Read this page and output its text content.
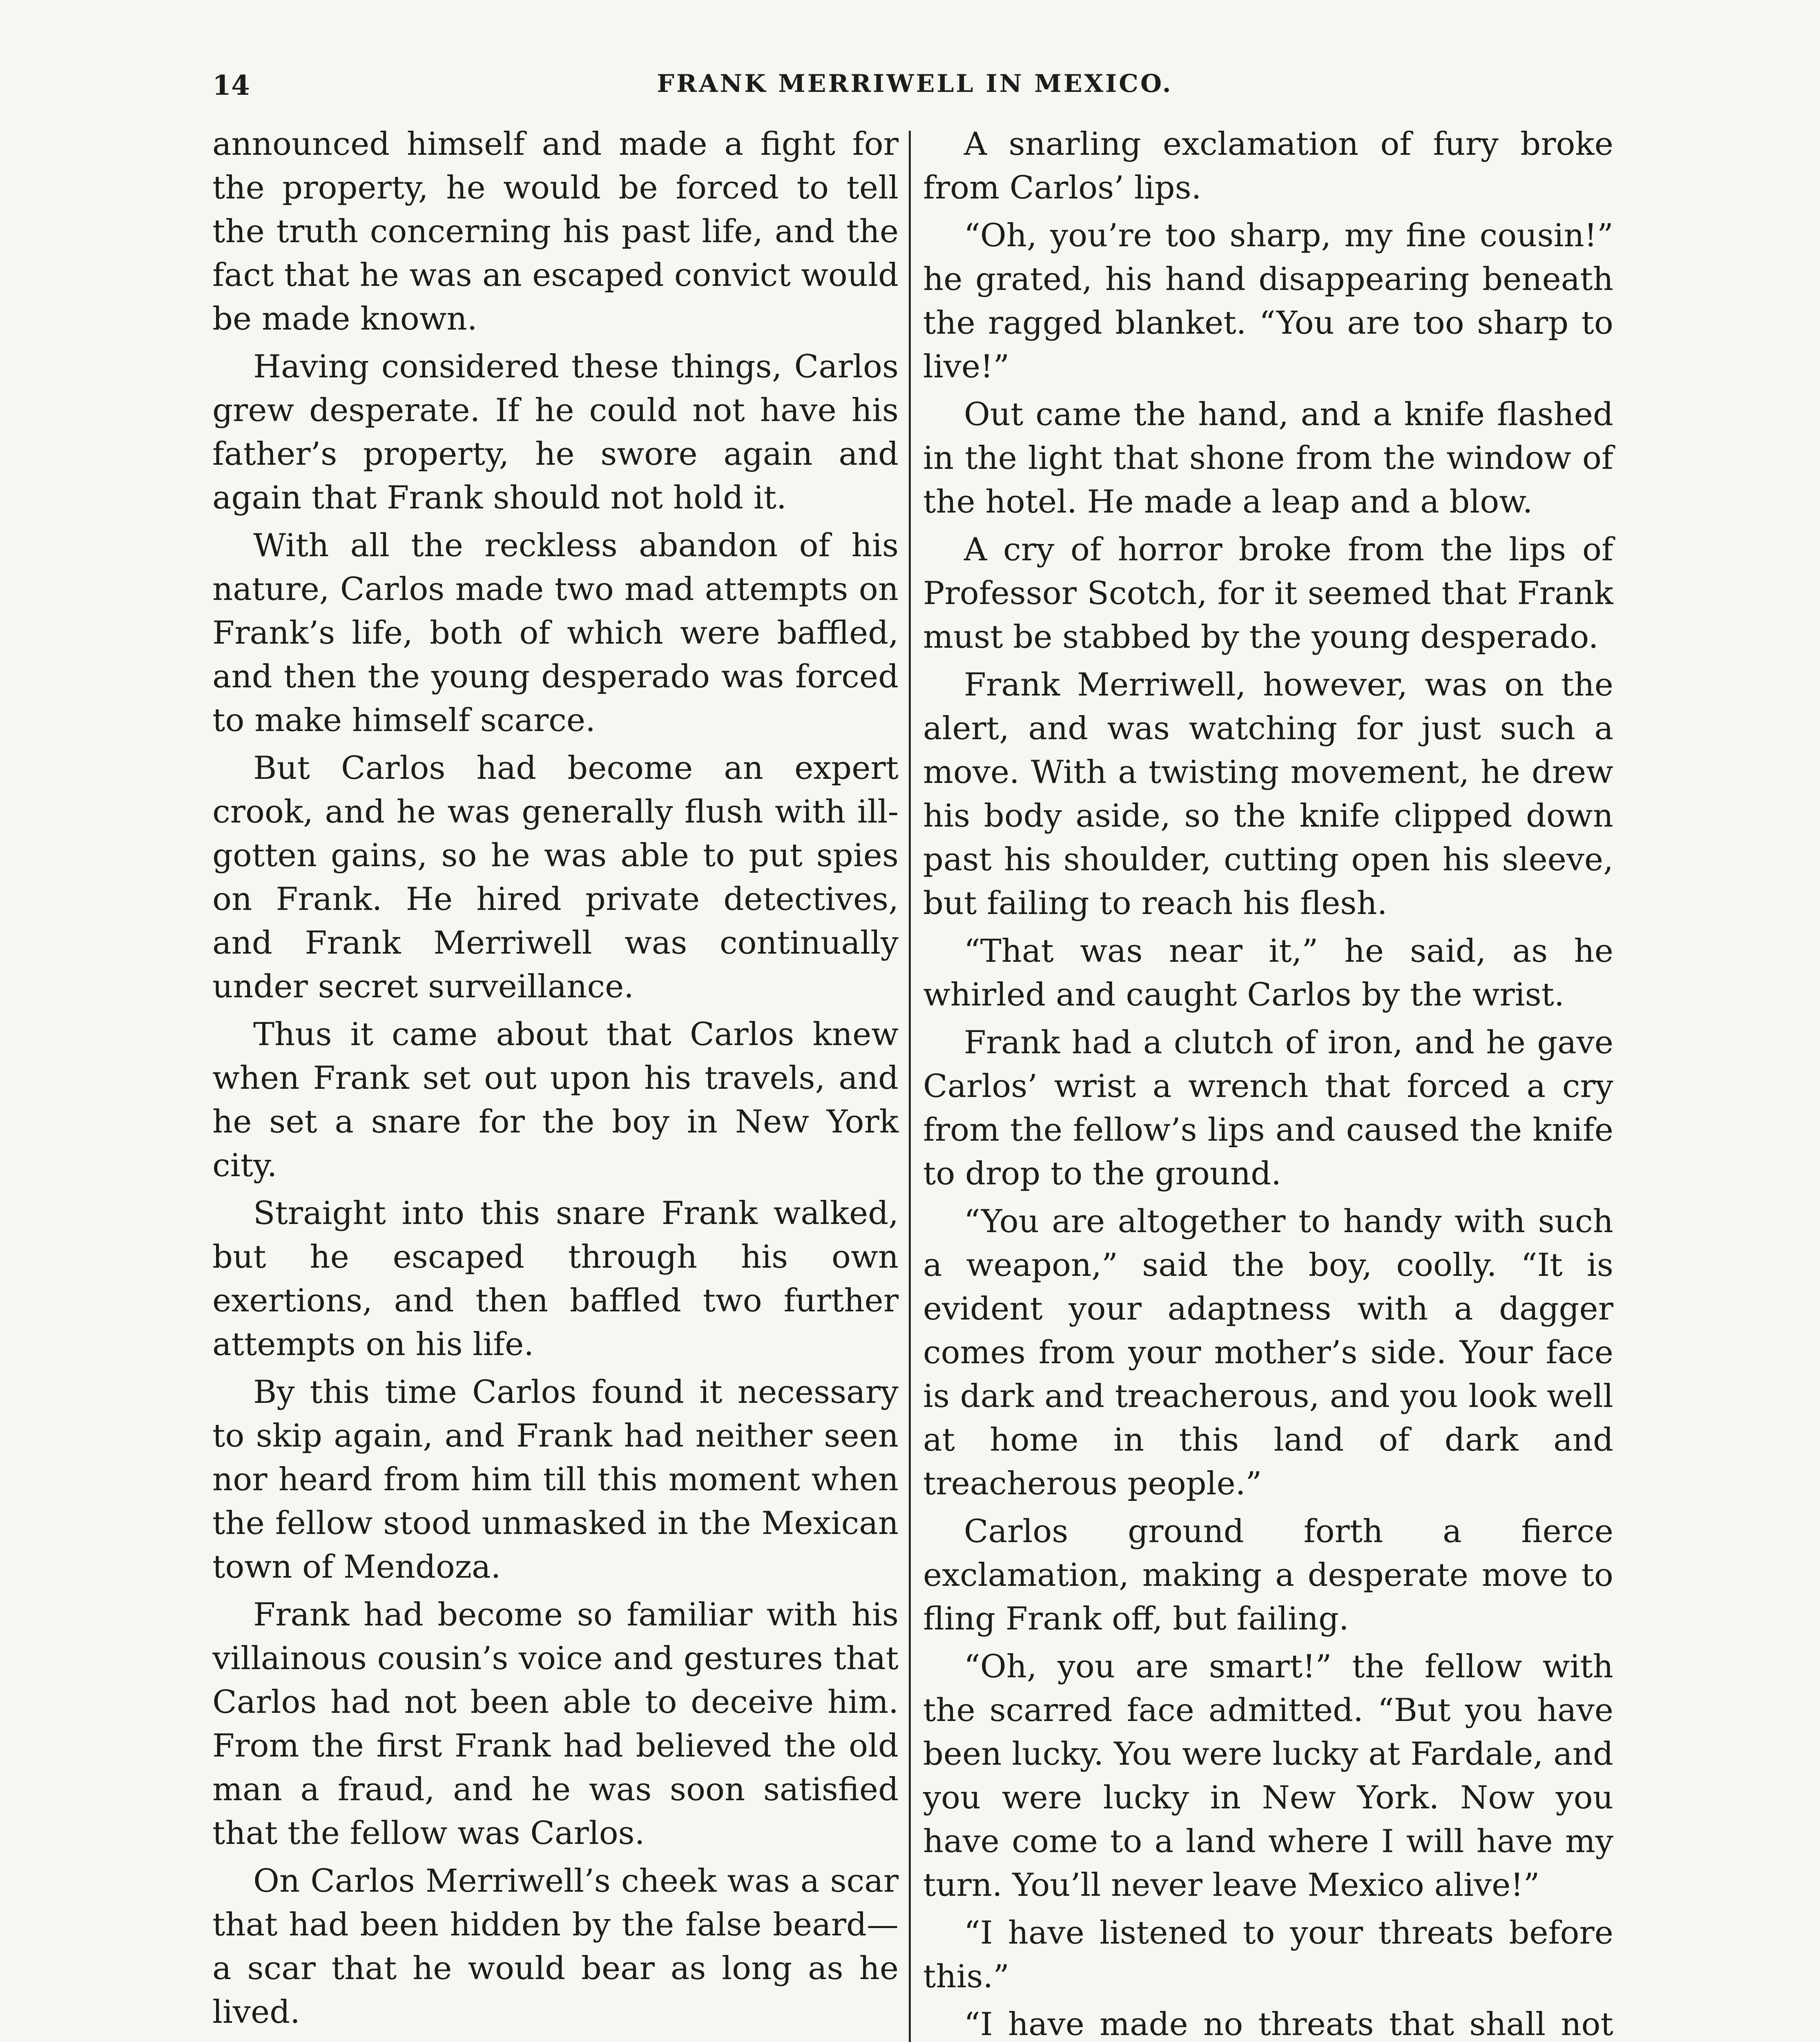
14	FRANK MERRIWELL IN MEXICO.

announced himself and made a fight for the property, he would be forced to tell the truth concerning his past life, and the fact that he was an escaped convict would be made known.

Having considered these things, Carlos grew desperate. If he could not have his father’s property, he swore again and again that Frank should not hold it.

With all the reckless abandon of his nature, Carlos made two mad attempts on Frank’s life, both of which were baffled, and then the young desperado was forced to make himself scarce.

But Carlos had become an expert crook, and he was generally flush with ill-gotten gains, so he was able to put spies on Frank. He hired private detectives, and Frank Merriwell was continually under secret surveillance.

Thus it came about that Carlos knew when Frank set out upon his travels, and he set a snare for the boy in New York city.

Straight into this snare Frank walked, but he escaped through his own exertions, and then baffled two further attempts on his life.

By this time Carlos found it necessary to skip again, and Frank had neither seen nor heard from him till this moment when the fellow stood unmasked in the Mexican town of Mendoza.

Frank had become so familiar with his villainous cousin’s voice and gestures that Carlos had not been able to deceive him. From the first Frank had believed the old man a fraud, and he was soon satisfied that the fellow was Carlos.

On Carlos Merriwell’s cheek was a scar that had been hidden by the false beard—a scar that he would bear as long as he lived.

A snarling exclamation of fury broke from Carlos’ lips.

“Oh, you’re too sharp, my fine cousin!” he grated, his hand disappearing beneath the ragged blanket. “You are too sharp to live!”

Out came the hand, and a knife flashed in the light that shone from the window of the hotel. He made a leap and a blow.

A cry of horror broke from the lips of Professor Scotch, for it seemed that Frank must be stabbed by the young desperado.

Frank Merriwell, however, was on the alert, and was watching for just such a move. With a twisting movement, he drew his body aside, so the knife clipped down past his shoulder, cutting open his sleeve, but failing to reach his flesh.

“That was near it,” he said, as he whirled and caught Carlos by the wrist.

Frank had a clutch of iron, and he gave Carlos’ wrist a wrench that forced a cry from the fellow’s lips and caused the knife to drop to the ground.

“You are altogether to handy with such a weapon,” said the boy, coolly. “It is evident your adaptness with a dagger comes from your mother’s side. Your face is dark and treacherous, and you look well at home in this land of dark and treacherous people.”

Carlos ground forth a fierce exclamation, making a desperate move to fling Frank off, but failing.

“Oh, you are smart!” the fellow with the scarred face admitted. “But you have been lucky. You were lucky at Fardale, and you were lucky in New York. Now you have come to a land where I will have my turn. You’ll never leave Mexico alive!”

“I have listened to your threats before this.”

“I have made no threats that shall not
